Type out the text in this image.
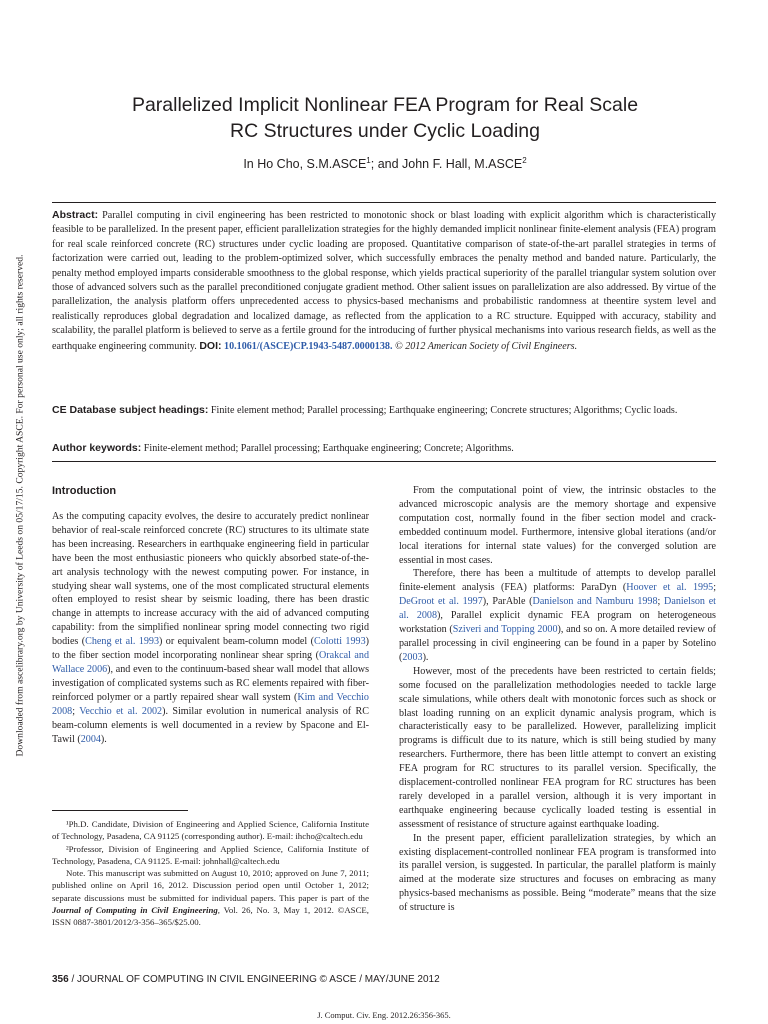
Downloaded from ascelibrary.org by University of Leeds on 05/17/15. Copyright ASCE. For personal use only; all rights reserved.
Parallelized Implicit Nonlinear FEA Program for Real Scale
RC Structures under Cyclic Loading
In Ho Cho, S.M.ASCE$^1$; and John F. Hall, M.ASCE$^2$
Abstract: Parallel computing in civil engineering has been restricted to monotonic shock or blast loading with explicit algorithm which is characteristically feasible to be parallelized. In the present paper, efficient parallelization strategies for the highly demanded implicit nonlinear finite-element analysis (FEA) program for real scale reinforced concrete (RC) structures under cyclic loading are proposed. Quantitative comparison of state-of-the-art parallel strategies in terms of factorization were carried out, leading to the problem-optimized solver, which successfully embraces the penalty method and banded nature. Particularly, the penalty method employed imparts considerable smoothness to the global response, which yields practical superiority of the parallel triangular system solution over those of advanced solvers such as the parallel preconditioned conjugate gradient method. Other salient issues on parallelization are also addressed. By virtue of the parallelization, the analysis platform offers unprecedented access to physics-based mechanisms and probabilistic randomness at theentire system level and realistically reproduces global degradation and localized damage, as reflected from the application to a RC structure. Equipped with accuracy, stability and scalability, the parallel platform is believed to serve as a fertile ground for the introducing of further physical mechanisms into various research fields, as well as the earthquake engineering community. DOI: 10.1061/(ASCE)CP.1943-5487.0000138. © 2012 American Society of Civil Engineers.
CE Database subject headings: Finite element method; Parallel processing; Earthquake engineering; Concrete structures; Algorithms; Cyclic loads.
Author keywords: Finite-element method; Parallel processing; Earthquake engineering; Concrete; Algorithms.
Introduction

As the computing capacity evolves, the desire to accurately predict nonlinear behavior of real-scale reinforced concrete (RC) structures to its ultimate state has been increasing. Researchers in earthquake engineering field in particular have been the most enthusiastic pioneers who quickly absorbed state-of-the-art analysis technology with the newest computing power. For instance, in studying shear wall systems, one of the most complicated structural elements often employed to resist shear by seismic loading, there has been drastic change in attempts to increase accuracy with the aid of advanced computing capability: from the simplified nonlinear spring model connecting two rigid bodies (Cheng et al. 1993) or equivalent beam-column model (Colotti 1993) to the fiber section model incorporating nonlinear shear spring (Orakcal and Wallace 2006), and even to the continuum-based shear wall model that allows investigation of complicated systems such as RC elements repaired with fiber-reinforced polymer or a partly repaired shear wall system (Kim and Vecchio 2008; Vecchio et al. 2002). Similar evolution in numerical analysis of RC beam-column elements is well documented in a review by Spacone and El-Tawil (2004).

¹Ph.D. Candidate, Division of Engineering and Applied Science, California Institute of Technology, Pasadena, CA 91125 (corresponding author). E-mail: ihcho@caltech.edu

²Professor, Division of Engineering and Applied Science, California Institute of Technology, Pasadena, CA 91125. E-mail: johnhall@caltech.edu

Note. This manuscript was submitted on August 10, 2010; approved on June 7, 2011; published online on April 16, 2012. Discussion period open until October 1, 2012; separate discussions must be submitted for individual papers. This paper is part of the Journal of Computing in Civil Engineering, Vol. 26, No. 3, May 1, 2012. ©ASCE, ISSN 0887-3801/2012/3-356–365/$25.00.

From the computational point of view, the intrinsic obstacles to the advanced microscopic analysis are the memory shortage and expensive computation cost, normally found in the fiber section model and crack-embedded continuum model. Furthermore, intensive global iterations (and/or local iterations for internal state values) for the converged solution are essential in most cases.

Therefore, there has been a multitude of attempts to develop parallel finite-element analysis (FEA) platforms: ParaDyn (Hoover et al. 1995; DeGroot et al. 1997), ParAble (Danielson and Namburu 1998; Danielson et al. 2008), Parallel explicit dynamic FEA program on heterogeneous workstation (Sziveri and Topping 2000), and so on. A more detailed review of parallel processing in civil engineering can be found in a paper by Sotelino (2003).

However, most of the precedents have been restricted to certain fields; some focused on the parallelization methodologies needed to tackle large scale simulations, while others dealt with monotonic forces such as shock or blast loading running on an explicit dynamic analysis program, which is characteristically easy to be parallelized. However, parallelizing implicit programs is difficult due to its nature, which is still being studied by many researchers. Furthermore, there has been little attempt to convert an existing FEA program for RC structures to its parallel version. Specifically, the displacement-controlled nonlinear FEA program for RC structures has been rarely developed in a parallel version, although it is very important in earthquake engineering because cyclically loaded testing is essential in assessment of resistance of structure against earthquake loading.

In the present paper, efficient parallelization strategies, by which an existing displacement-controlled nonlinear FEA program is transformed into its parallel version, is suggested. In particular, the parallel platform is mainly aimed at the moderate size structures and focuses on embracing as many physics-based mechanisms as possible. Being “moderate” means that the size of structure is

356 / JOURNAL OF COMPUTING IN CIVIL ENGINEERING © ASCE / MAY/JUNE 2012
J. Comput. Civ. Eng. 2012.26:356-365.
